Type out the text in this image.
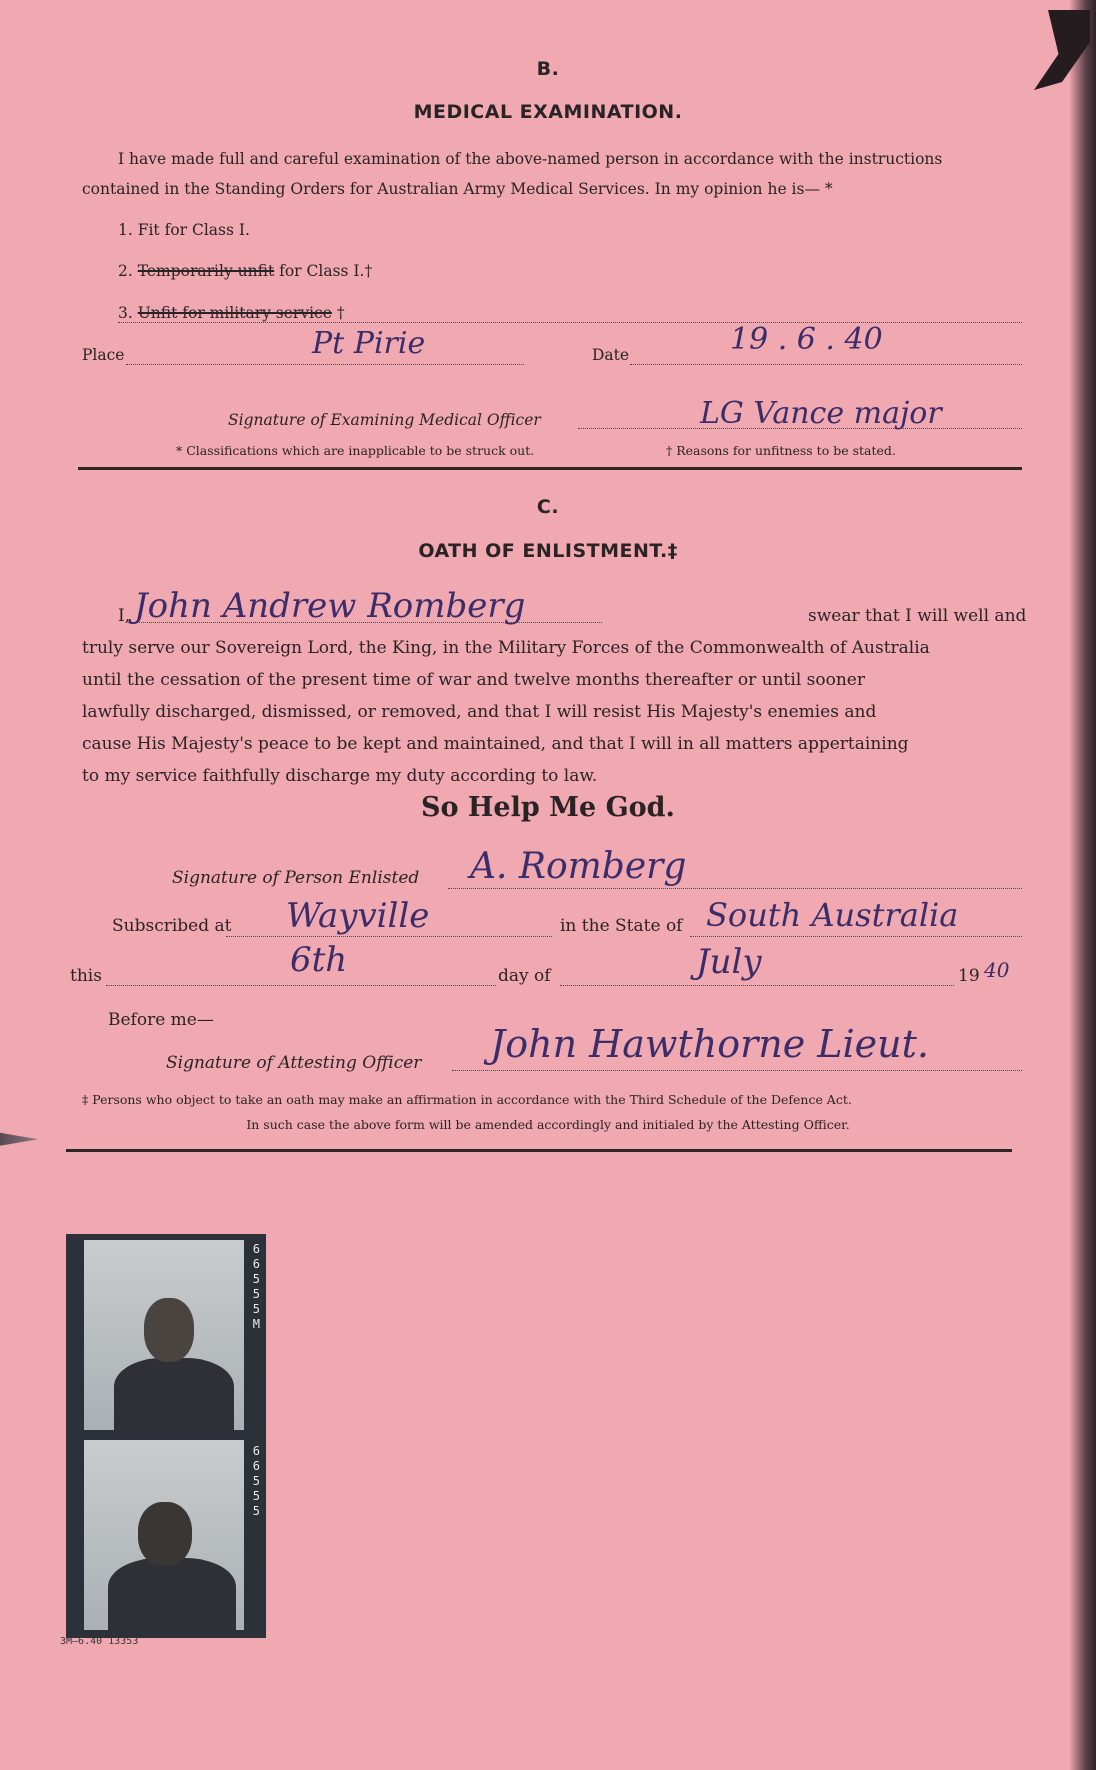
B.
MEDICAL EXAMINATION.
I have made full and careful examination of the above-named person in accordance with the instructions
contained in the Standing Orders for Australian Army Medical Services. In my opinion he is— *
1. Fit for Class I.
2. Temporarily unfit for Class I.†
3. Unfit for military service †
Place	Pt Pirie	Date	19 . 6 . 40
Signature of Examining Medical Officer	LG Vance major
* Classifications which are inapplicable to be struck out.	† Reasons for unfitness to be stated.
C.
OATH OF ENLISTMENT.‡
I, John Andrew Romberg	swear that I will well and
truly serve our Sovereign Lord, the King, in the Military Forces of the Commonwealth of Australia
until the cessation of the present time of war and twelve months thereafter or until sooner
lawfully discharged, dismissed, or removed, and that I will resist His Majesty's enemies and
cause His Majesty's peace to be kept and maintained, and that I will in all matters appertaining
to my service faithfully discharge my duty according to law.
So Help Me God.
Signature of Person Enlisted A. Romberg
Subscribed at Wayville	in the State of South Australia
this	6th	day of	July	19 40
Before me—
Signature of Attesting Officer John Hawthorne Lieut.
‡ Persons who object to take an oath may make an affirmation in accordance with the Third Schedule of the Defence Act.
In such case the above form will be amended accordingly and initialed by the Attesting Officer.
6
6
5
5
5
M
6
6
5
5
5
3M—6.40 13353
